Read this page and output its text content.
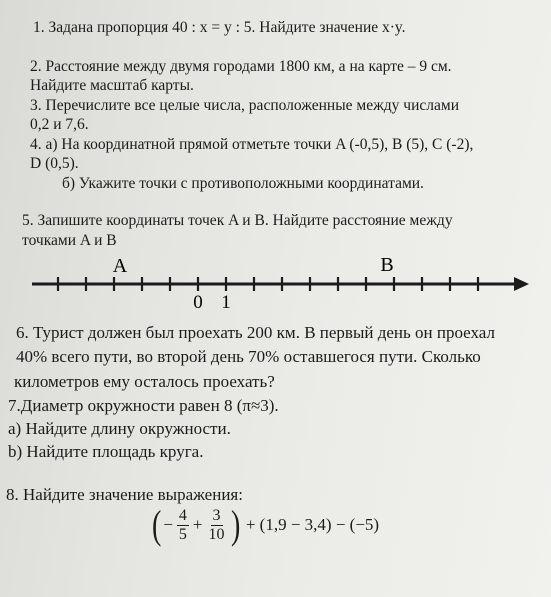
1. Задана пропорция 40 : x = y : 5. Найдите значение x·y.
2. Расстояние между двумя городами 1800 км, а на карте – 9 см.
Найдите масштаб карты.
3. Перечислите все целые числа, расположенные между числами
0,2 и 7,6.
4. а) На координатной прямой отметьте точки A (-0,5), B (5), C (-2),
D (0,5).
б) Укажите точки с противоположными координатами.
5. Запишите координаты точек A и B. Найдите расстояние между
точками A и B
A	B
0 1
6. Турист должен был проехать 200 км. В первый день он проехал
40% всего пути, во второй день 70% оставшегося пути. Сколько
километров ему осталось проехать?
7.Диаметр окружности равен 8 (π≈3).
a) Найдите длину окружности.
b) Найдите площадь круга.
8. Найдите значение выражения:
( − $\frac{4}{5} + \frac{3}{10}$ ) + (1,9 − 3,4) − (−5)
